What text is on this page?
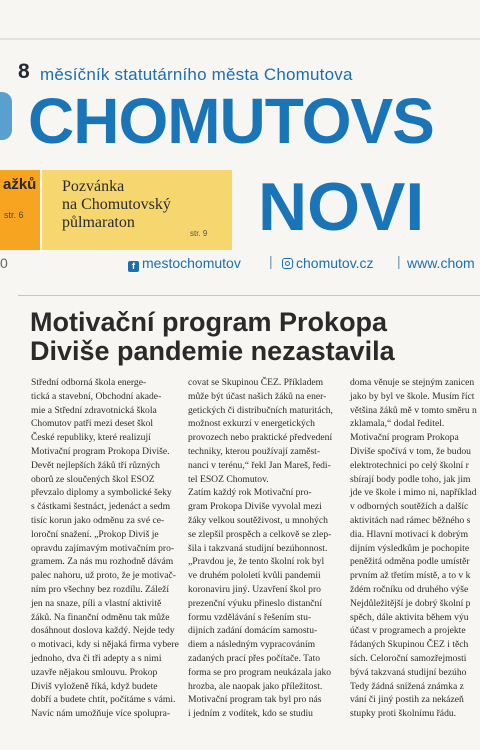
8 měsíčník statutárního města Chomutova
CHOMUTOVS
ažků
str. 6
Pozvánka
na Chomutovský
půlmaraton
str. 9 NOVI
0	f mestochomutov |	chomutov.cz | www.chom
Motivační program Prokopa
Diviše pandemie nezastavila
Střední odborná škola energe-
tická a stavební, Obchodní akade-
mie a Střední zdravotnická škola
Chomutov patří mezi deset škol
České republiky, které realizují
Motivační program Prokopa Diviše.
Devět nejlepších žáků tří různých
oborů ze sloučených škol ESOZ
převzalo diplomy a symbolické šeky
s částkami šestnáct, jedenáct a sedm
tisíc korun jako odměnu za své ce-
loroční snažení. „Prokop Diviš je
opravdu zajímavým motivačním pro-
gramem. Za nás mu rozhodně dávám
palec nahoru, už proto, že je motivač-
ním pro všechny bez rozdílu. Záleží
jen na snaze, píli a vlastní aktivitě
žáků. Na finanční odměnu tak může
dosáhnout doslova každý. Nejde tedy
o motivaci, kdy si nějaká firma vybere
jednoho, dva či tři adepty a s nimi
uzavře nějakou smlouvu. Prokop
Diviš vyloženě říká, když budete
dobří a budete chtít, počítáme s vámi.
Navíc nám umožňuje více spolupra-
covat se Skupinou ČEZ. Příkladem
může být účast našich žáků na ener-
getických či distribučních maturitách,
možnost exkurzí v energetických
provozech nebo praktické předvedení
techniky, kterou používají zaměst-
nanci v terénu,“ řekl Jan Mareš, ředi-
tel ESOZ Chomutov.
Zatím každý rok Motivační pro-
gram Prokopa Diviše vyvolal mezi
žáky velkou soutěživost, u mnohých
se zlepšil prospěch a celkově se zlep-
šila i takzvaná studijní bezúhonnost.
„Pravdou je, že tento školní rok byl
ve druhém pololetí kvůli pandemii
koronaviru jiný. Uzavření škol pro
prezenční výuku přineslo distanční
formu vzdělávání s řešením stu-
dijních zadání domácím samostu-
diem a následným vypracováním
zadaných prací přes počítače. Tato
forma se pro program neukázala jako
hrozba, ale naopak jako příležitost.
Motivační program tak byl pro nás
i jedním z vodítek, kdo se studiu
doma věnuje se stejným zanicen
jako by byl ve škole. Musím říct
většina žáků mě v tomto směru n
zklamala,“ dodal ředitel.
Motivační program Prokopa
Diviše spočívá v tom, že budou
elektrotechnici po celý školní r
sbírají body podle toho, jak jim
jde ve škole i mimo ni, například
v odborných soutěžích a dalšíc
aktivitách nad rámec běžného s
dia. Hlavní motivací k dobrým
dijním výsledkům je pochopite
peněžitá odměna podle umístěr
prvním až třetím místě, a to v k
ždém ročníku od druhého výše
Nejdůležitější je dobrý školní p
spěch, dále aktivita během výu
účast v programech a projekte
řádaných Skupinou ČEZ i těch
sích. Celoroční samozřejmosti
bývá takzvaná studijní bezúho
Tedy žádná snížená známka z
vání či jiný postih za nekázeň
stupky proti školnímu řádu.
